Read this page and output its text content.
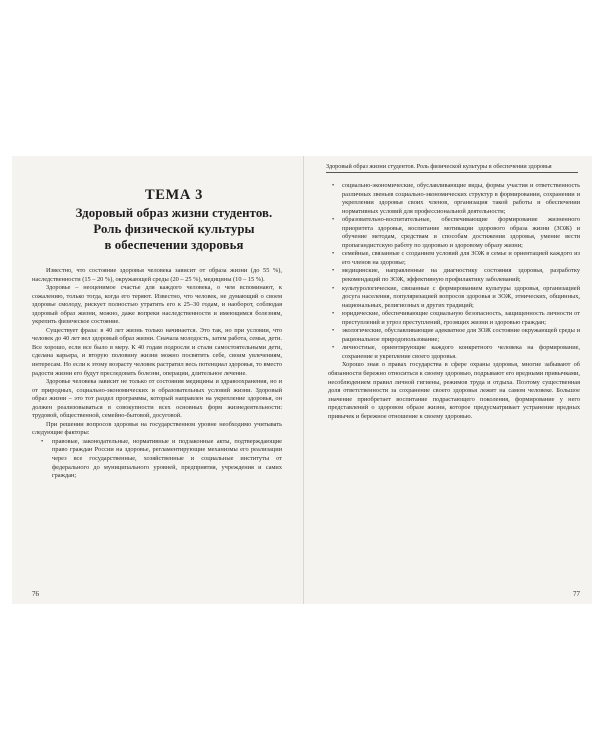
ТЕМА 3
Здоровый образ жизни студентов.
Роль физической культуры
в обеспечении здоровья

Известно, что состояние здоровья человека зависит от образа жизни (до 55 %), наследственности (15 – 20 %), окружающей среды (20 – 25 %), медицины (10 – 15 %).

Здоровье – неоценимое счастье для каждого человека, о чем вспоминают, к сожалению, только тогда, когда его теряют. Известно, что человек, не думающий о своем здоровье смолоду, рискует полностью утратить его к 25–30 годам, и наоборот, соблюдая здоровый образ жизни, можно, даже вопреки наследственности и имеющимся болезням, укрепить физическое состояние.

Существует фраза: в 40 лет жизнь только начинается. Это так, но при условии, что человек до 40 лет вел здоровый образ жизни. Сначала молодость, затем работа, семья, дети. Все хорошо, если все было в меру. К 40 годам подросли и стали самостоятельными дети, сделана карьера, и вторую половину жизни можно посвятить себе, своим увлечениям, интересам. Но если к этому возрасту человек растратил весь потенциал здоровья, то вместо радости жизни его будут преследовать болезни, операции, длительное лечение.

Здоровье человека зависит не только от состояния медицины и здравоохранения, но и от природных, социально-экономических и образовательных условий жизни. Здоровый образ жизни – это тот раздел программы, который направлен на укрепление здоровья, он должен реализовываться в совокупности всех основных форм жизнедеятельности: трудовой, общественной, семейно-бытовой, досуговой.

При решении вопросов здоровья на государственном уровне необходимо учитывать следующие факторы:

• правовые, законодательные, нормативные и подзаконные акты, подтверждающие право граждан России на здоровье, регламентирующие механизмы его реализации через все государственные, хозяйственные и социальные институты от федерального до муниципального уровней, предприятия, учреждения и самих граждан;
76
Здоровый образ жизни студентов. Роль физической культуры в обеспечении здоровья
• социально-экономические, обуславливающие виды, формы участия и ответственность различных звеньев социально-экономических структур в формировании, сохранении и укреплении здоровья своих членов, организация такой работы и обеспечении нормативных условий для профессиональной деятельности;
• образовательно-воспитательные, обеспечивающие формирование жизненного приоритета здоровья, воспитание мотивации здорового образа жизни (ЗОЖ) и обучение методам, средствам и способам достижения здоровья, умение вести пропагандистскую работу по здоровью и здоровому образу жизни;
• семейные, связанные с созданием условий для ЗОЖ в семье и ориентацией каждого из его членов на здоровье;
• медицинские, направленные на диагностику состояния здоровья, разработку рекомендаций по ЗОЖ, эффективную профилактику заболеваний;
• культурологические, связанные с формированием культуры здоровья, организацией досуга населения, популяризацией вопросов здоровья и ЗОЖ, этнических, общинных, национальных, религиозных и других традиций;
• юридические, обеспечивающие социальную безопасность, защищенность личности от преступлений и угроз преступлений, грозящих жизни и здоровью граждан;
• экологические, обуславливающие адекватное для ЗОЖ состояние окружающей среды и рациональное природопользование;
• личностные, ориентирующие каждого конкретного человека на формирование, сохранение и укрепление своего здоровья.

Хорошо зная о правах государства в сфере охраны здоровья, многие забывают об обязанности бережно относиться к своему здоровью, подрывают его вредными привычками, несоблюдением правил личной гигиены, режимов труда и отдыха. Поэтому существенная доля ответственности за сохранение своего здоровья лежит на самом человеке. Большое значение приобретает воспитание подрастающего поколения, формирование у него представлений о здоровом образе жизни, которое предусматривает устранение вредных привычек и бережное отношение к своему здоровью.

77
